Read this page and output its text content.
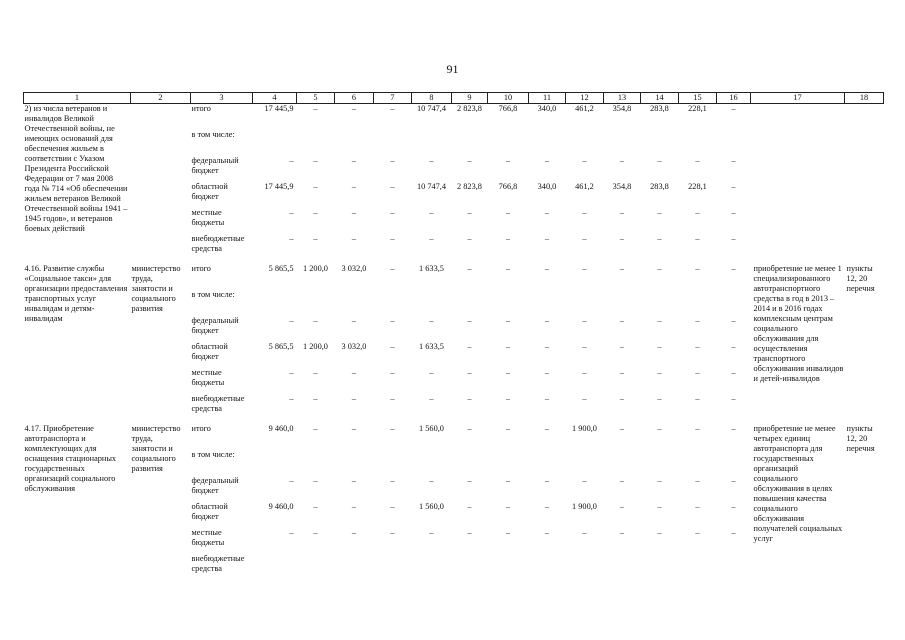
91
1	2	3	4	5	6	7	8	9	10	11	12	13	14	15	16	17	18
2) из числа ветеранов и инвалидов Великой Отечественной войны, не имеющих оснований для обеспечения жильем в соответствии с Указом Президента Российской Федерации от 7 мая 2008 года № 714 «Об обеспечении жильем ветеранов Великой Отечественной войны 1941 – 1945 годов», и ветеранов боевых действий		итого	17 445,9	–	–	–	10 747,4	2 823,8	766,8	340,0	461,2	354,8	283,8	228,1	–		
		в том числе:															
		федеральный бюджет	–	–	–	–	–	–	–	–	–	–	–	–	–		
		областной бюджет	17 445,9	–	–	–	10 747,4	2 823,8	766,8	340,0	461,2	354,8	283,8	228,1	–		
		местные бюджеты	–	–	–	–	–	–	–	–	–	–	–	–	–		
		внебюджетные средства	–	–	–	–	–	–	–	–	–	–	–	–	–		
4.16. Развитие службы «Социальное такси» для организации предоставления транспортных услуг инвалидам и детям-инвалидам	министерство труда, занятости и социального развития	итого	5 865,5	1 200,0	3 032,0	–	1 633,5	–	–	–	–	–	–	–	–	приобретение не менее 1 специализированного автотранспортного средства в год в 2013 – 2014 и в 2016 годах комплексным центрам социального обслуживания для осуществления транспортного обслуживания инвалидов и детей-инвалидов	пункты 12, 20 перечня
		в том числе:															
		федеральный бюджет	–	–	–	–	–	–	–	–	–	–	–	–	–		
		областной бюджет	5 865,5	1 200,0	3 032,0	–	1 633,5	–	–	–	–	–	–	–	–		
		местные бюджеты	–	–	–	–	–	–	–	–	–	–	–	–	–		
		внебюджетные средства	–	–	–	–	–	–	–	–	–	–	–	–	–		
4.17. Приобретение автотранспорта и комплектующих для оснащения стационарных государственных организаций социального обслуживания	министерство труда, занятости и социального развития	итого	9 460,0	–	–	–	1 560,0	–	–	–	1 900,0	–	–	–	–	приобретение не менее четырех единиц автотранспорта для государственных организаций социального обслуживания в целях повышения качества социального обслуживания получателей социальных услуг	пункты 12, 20 перечня
		в том числе:															
		федеральный бюджет	–	–	–	–	–	–	–	–	–	–	–	–	–		
		областной бюджет	9 460,0	–	–	–	1 560,0	–	–	–	1 900,0	–	–	–	–		
		местные бюджеты	–	–	–	–	–	–	–	–	–	–	–	–	–		
		внебюджетные средства															
